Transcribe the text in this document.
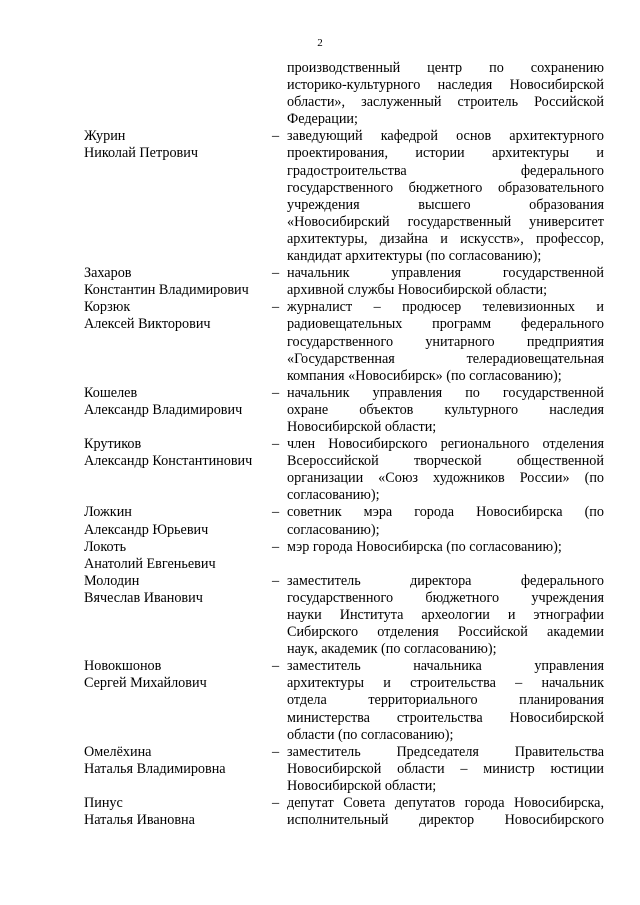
2
производственный центр по сохранению
историко-культурного наследия Новосибирской
области», заслуженный строитель Российской
Федерации;
Журин
Николай Петрович
– заведующий кафедрой основ архитектурного
проектирования, истории архитектуры и
градостроительства федерального
государственного бюджетного образовательного
учреждения высшего образования
«Новосибирский государственный университет
архитектуры, дизайна и искусств», профессор,
кандидат архитектуры (по согласованию);
Захаров
Константин Владимирович
– начальник управления государственной
архивной службы Новосибирской области;
Корзюк
Алексей Викторович
– журналист – продюсер телевизионных и
радиовещательных программ федерального
государственного унитарного предприятия
«Государственная телерадиовещательная
компания «Новосибирск» (по согласованию);
Кошелев
Александр Владимирович
– начальник управления по государственной
охране объектов культурного наследия
Новосибирской области;
Крутиков
Александр Константинович
– член Новосибирского регионального отделения
Всероссийской творческой общественной
организации «Союз художников России» (по
согласованию);
Ложкин
Александр Юрьевич
– советник мэра города Новосибирска (по
согласованию);
Локоть
Анатолий Евгеньевич
– мэр города Новосибирска (по согласованию);
Молодин
Вячеслав Иванович
– заместитель директора федерального
государственного бюджетного учреждения
науки Института археологии и этнографии
Сибирского отделения Российской академии
наук, академик (по согласованию);
Новокшонов
Сергей Михайлович
– заместитель начальника управления
архитектуры и строительства – начальник
отдела территориального планирования
министерства строительства Новосибирской
области (по согласованию);
Омелёхина
Наталья Владимировна
– заместитель Председателя Правительства
Новосибирской области – министр юстиции
Новосибирской области;
Пинус
Наталья Ивановна
– депутат Совета депутатов города Новосибирска,
исполнительный директор Новосибирского
